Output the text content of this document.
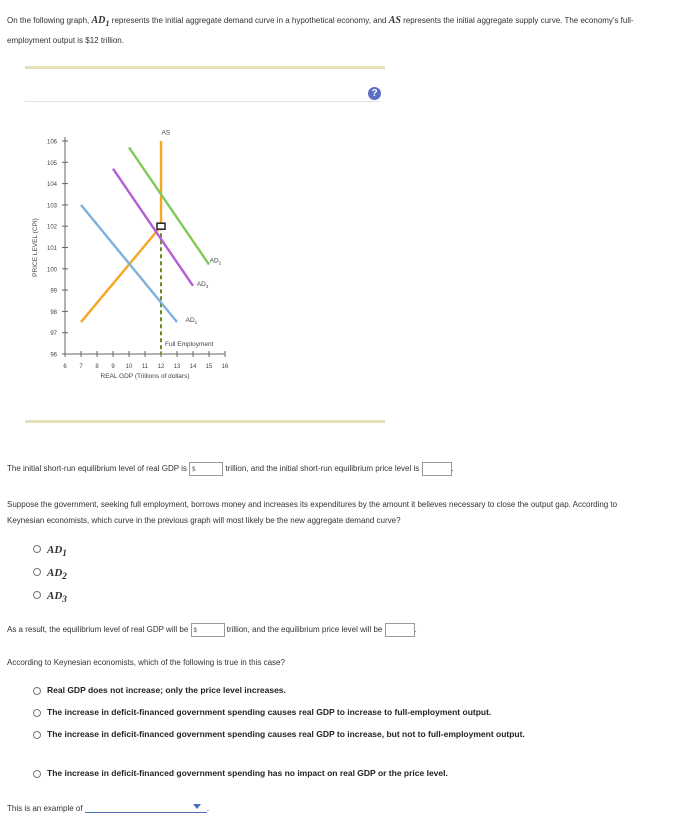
On the following graph, $AD_1$ represents the initial aggregate demand curve in a hypothetical economy, and AS represents the initial aggregate supply curve. The economy's full-employment output is $12 trillion.
?
96
97
98
99
100
101
102
103
104
105
106
6 7 8 9 10 11 12 13 14 15 16
REAL GDP (Trillions of dollars)
PRICE LEVEL (CPI)
Full Employment
AS
$AD_1$
$AD_2$
$AD_3$
The initial short-run equilibrium level of real GDP is $	trillion, and the initial short-run equilibrium price level is	.
Suppose the government, seeking full employment, borrows money and increases its expenditures by the amount it believes necessary to close the output gap. According to Keynesian economists, which curve in the previous graph will most likely be the new aggregate demand curve?
$AD_1$
$AD_2$
$AD_3$
As a result, the equilibrium level of real GDP will be $	trillion, and the equilibrium price level will be	.
According to Keynesian economists, which of the following is true in this case?
Real GDP does not increase; only the price level increases.
The increase in deficit-financed government spending causes real GDP to increase to full-employment output.
The increase in deficit-financed government spending causes real GDP to increase, but not to full-employment output.
The increase in deficit-financed government spending has no impact on real GDP or the price level.
This is an example of	.
